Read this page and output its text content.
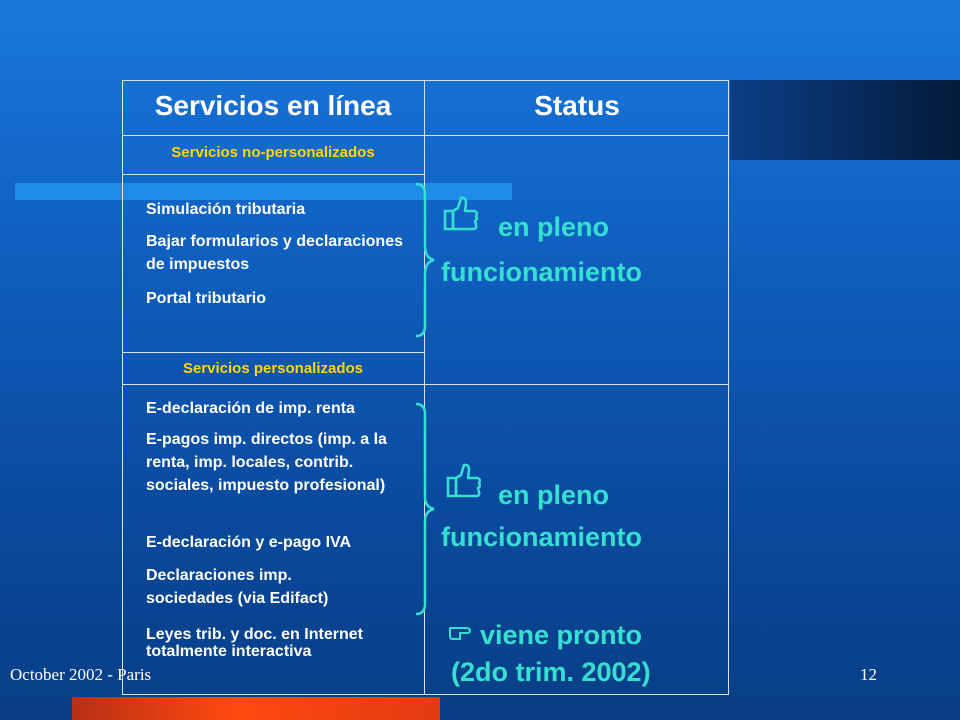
Servicios en línea	Status
Servicios no-personalizados
Servicios personalizados
Simulación tributaria
Bajar formularios y declaraciones de impuestos
Portal tributario
E-declaración de imp. renta
E-pagos imp. directos (imp. a la renta, imp. locales, contrib. sociales, impuesto profesional)
E-declaración y e-pago IVA
Declaraciones imp. sociedades (via Edifact)
Leyes trib. y doc. en Internet totalmente interactiva
en pleno
funcionamiento
en pleno
funcionamiento
viene pronto
(2do trim. 2002)
October 2002 - Paris	12
